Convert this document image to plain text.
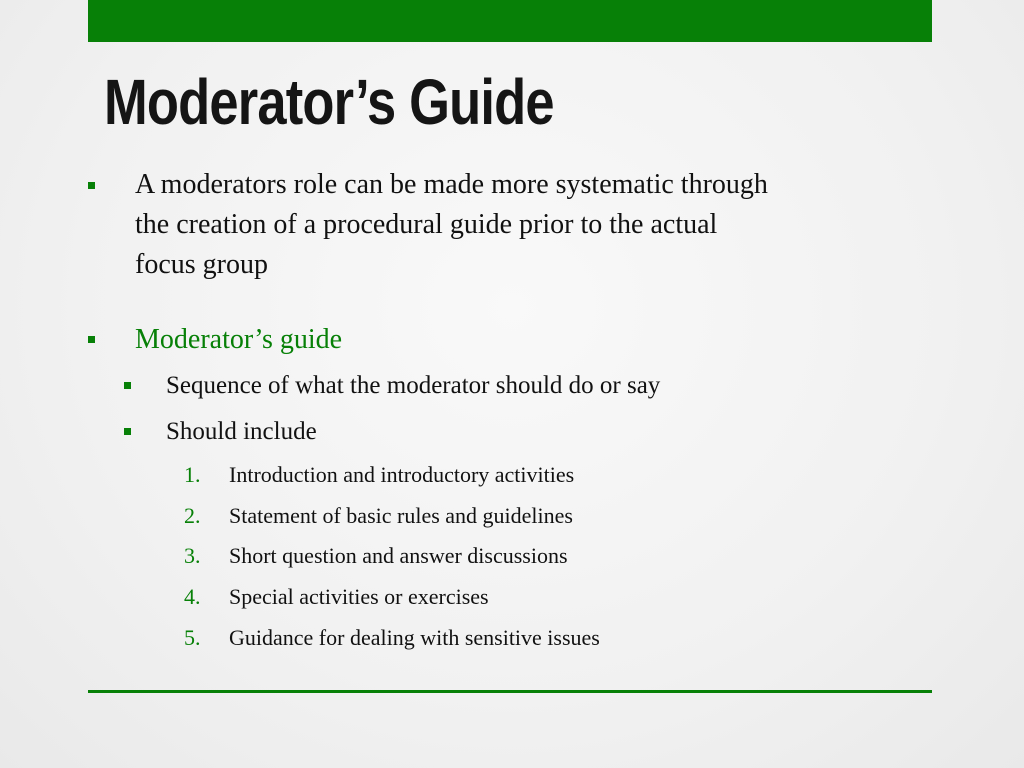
Moderator’s Guide
A moderators role can be made more systematic through
the creation of a procedural guide prior to the actual
focus group
Moderator’s guide
Sequence of what the moderator should do or say
Should include
1. Introduction and introductory activities
2. Statement of basic rules and guidelines
3. Short question and answer discussions
4. Special activities or exercises
5. Guidance for dealing with sensitive issues
